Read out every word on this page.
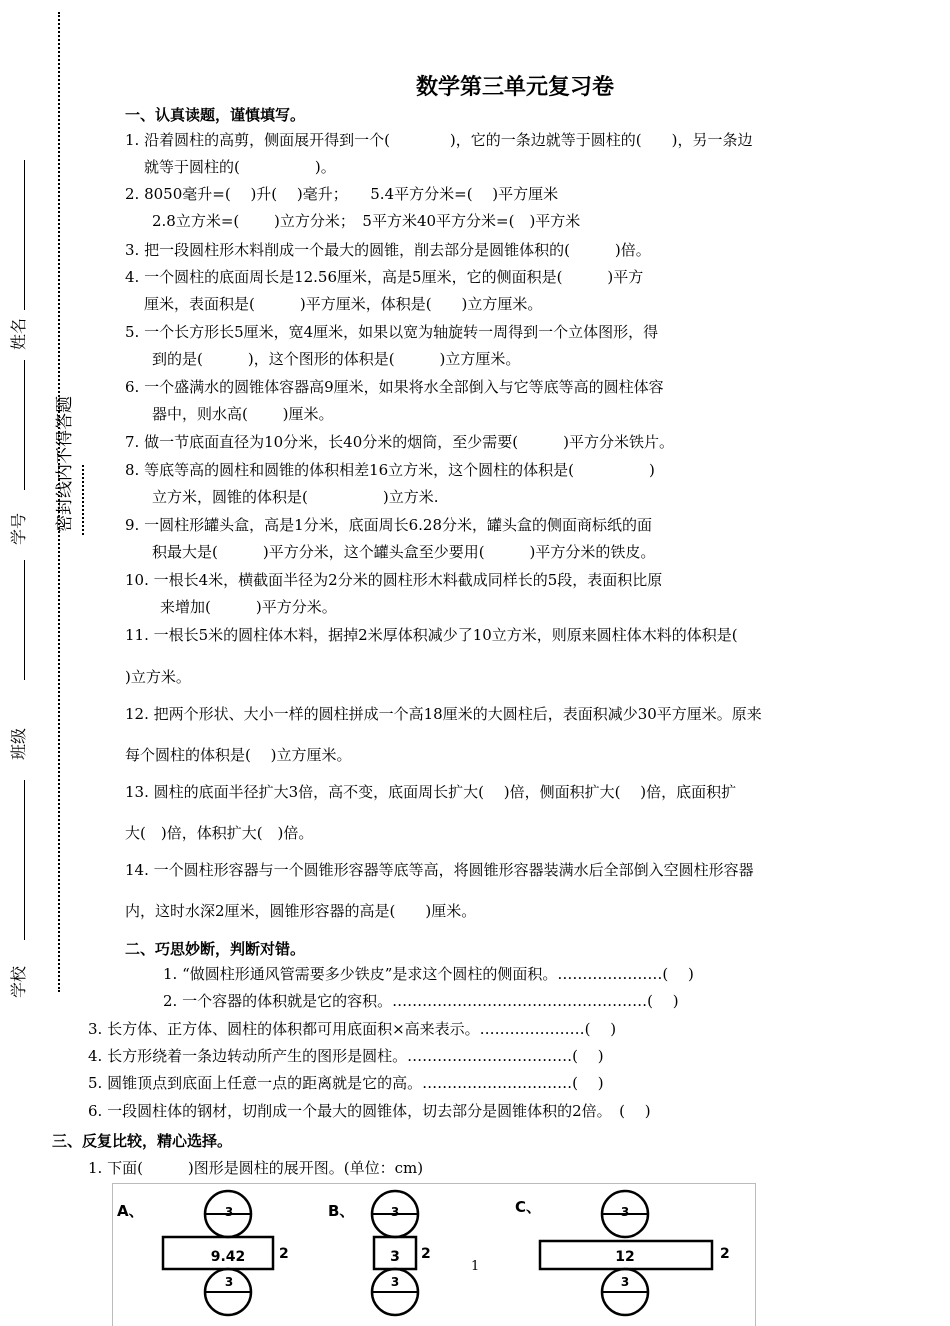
姓名
学号
班级
学校
密封线内不得答题
数学第三单元复习卷
一、认真读题，谨慎填写。
1. 沿着圆柱的高剪，侧面展开得到一个(　　　　)，它的一条边就等于圆柱的(　　)，另一条边
就等于圆柱的(　　　　　)。
2. 8050毫升=(　 )升(　 )毫升；　　5.4平方分米=(　 )平方厘米
2.8立方米=(　　 )立方分米；　5平方米40平方分米=(　)平方米
3. 把一段圆柱形木料削成一个最大的圆锥，削去部分是圆锥体积的(　　　)倍。
4. 一个圆柱的底面周长是12.56厘米，高是5厘米，它的侧面积是(　　　)平方
厘米，表面积是(　　　)平方厘米，体积是(　　)立方厘米。
5. 一个长方形长5厘米，宽4厘米，如果以宽为轴旋转一周得到一个立体图形，得
到的是(　　　)，这个图形的体积是(　　　)立方厘米。
6. 一个盛满水的圆锥体容器高9厘米，如果将水全部倒入与它等底等高的圆柱体容
器中，则水高(　　 )厘米。
7. 做一节底面直径为10分米，长40分米的烟筒，至少需要(　　　)平方分米铁片。
8. 等底等高的圆柱和圆锥的体积相差16立方米，这个圆柱的体积是(　　　　　)
立方米，圆锥的体积是(　　　　　)立方米.
9. 一圆柱形罐头盒，高是1分米，底面周长6.28分米，罐头盒的侧面商标纸的面
积最大是(　　　)平方分米，这个罐头盒至少要用(　　　)平方分米的铁皮。
10. 一根长4米，横截面半径为2分米的圆柱形木料截成同样长的5段，表面积比原
来增加(　　　)平方分米。
11. 一根长5米的圆柱体木料，据掉2米厚体积减少了10立方米，则原来圆柱体木料的体积是(
)立方米。
12. 把两个形状、大小一样的圆柱拼成一个高18厘米的大圆柱后，表面积减少30平方厘米。原来
每个圆柱的体积是(　 )立方厘米。
13. 圆柱的底面半径扩大3倍，高不变，底面周长扩大(　 )倍，侧面积扩大(　 )倍，底面积扩
大(　)倍，体积扩大(　)倍。
14. 一个圆柱形容器与一个圆锥形容器等底等高，将圆锥形容器装满水后全部倒入空圆柱形容器
内，这时水深2厘米，圆锥形容器的高是(　　)厘米。
二、巧思妙断，判断对错。
1. “做圆柱形通风管需要多少铁皮”是求这个圆柱的侧面积。…………………(　 )
2. 一个容器的体积就是它的容积。……………………………………………(　 )
3. 长方体、正方体、圆柱的体积都可用底面积×高来表示。…………………(　 )
4. 长方形绕着一条边转动所产生的图形是圆柱。……………………………(　 )
5. 圆锥顶点到底面上任意一点的距离就是它的高。…………………………(　 )
6. 一段圆柱体的钢材，切削成一个最大的圆锥体，切去部分是圆锥体积的2倍。　(　 )
三、反复比较，精心选择。
1. 下面(　　　)图形是圆柱的展开图。(单位：cm)
A、	3
9.42	2
3
B、	3
3	2
3
C、	3
12	2
3
1
